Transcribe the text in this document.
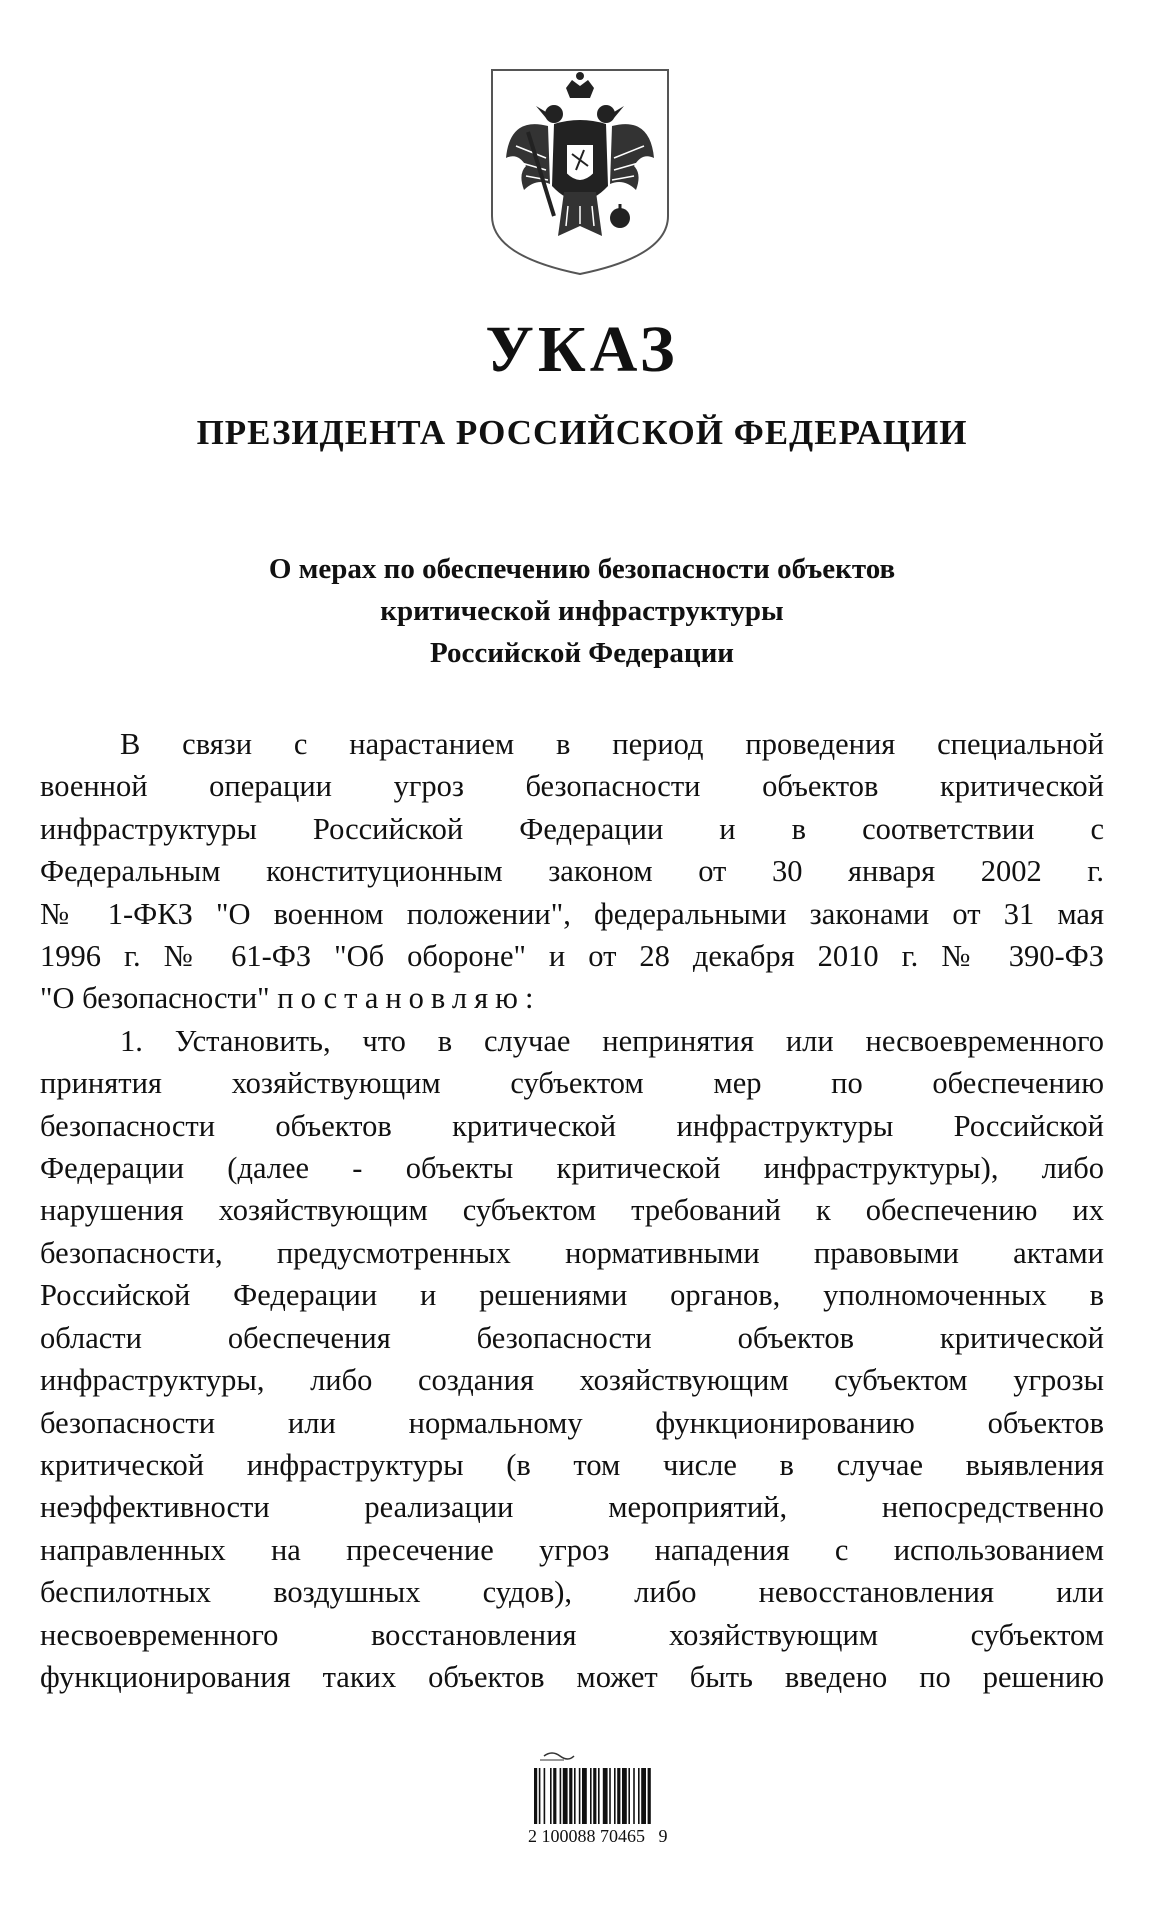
УКАЗ
ПРЕЗИДЕНТА РОССИЙСКОЙ ФЕДЕРАЦИИ
О мерах по обеспечению безопасности объектов
критической инфраструктуры
Российской Федерации

В связи с нарастанием в период проведения специальной
военной операции угроз безопасности объектов критической
инфраструктуры Российской Федерации и в соответствии с
Федеральным конституционным законом от 30 января 2002 г.
№ 1-ФКЗ "О военном положении", федеральными законами от 31 мая
1996 г. № 61-ФЗ "Об обороне" и от 28 декабря 2010 г. № 390-ФЗ
"О безопасности" постановляю:

1. Установить, что в случае непринятия или несвоевременного
принятия хозяйствующим субъектом мер по обеспечению
безопасности объектов критической инфраструктуры Российской
Федерации (далее - объекты критической инфраструктуры), либо
нарушения хозяйствующим субъектом требований к обеспечению их
безопасности, предусмотренных нормативными правовыми актами
Российской Федерации и решениями органов, уполномоченных в
области обеспечения безопасности объектов критической
инфраструктуры, либо создания хозяйствующим субъектом угрозы
безопасности или нормальному функционированию объектов
критической инфраструктуры (в том числе в случае выявления
неэффективности реализации мероприятий, непосредственно
направленных на пресечение угроз нападения с использованием
беспилотных воздушных судов), либо невосстановления или
несвоевременного восстановления хозяйствующим субъектом
функционирования таких объектов может быть введено по решению

2 100088 70465   9
